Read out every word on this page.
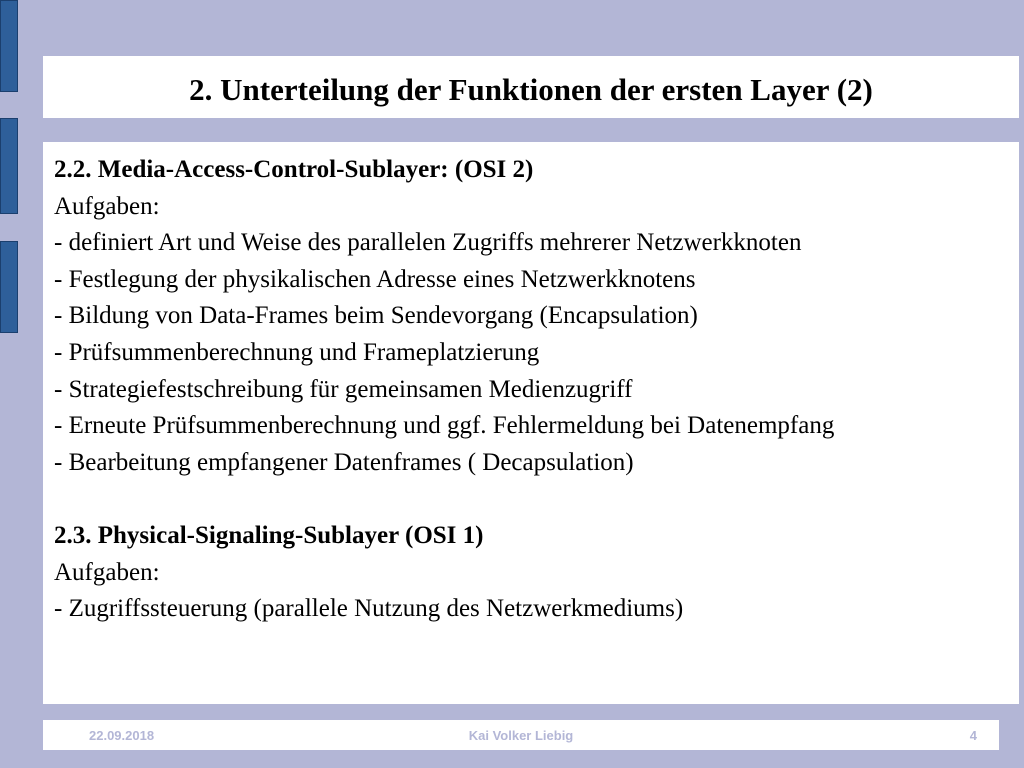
2. Unterteilung der Funktionen der ersten Layer (2)
2.2. Media-Access-Control-Sublayer: (OSI 2)
Aufgaben:
- definiert Art und Weise des parallelen Zugriffs mehrerer Netzwerkknoten
- Festlegung der physikalischen Adresse eines Netzwerkknotens
- Bildung von Data-Frames beim Sendevorgang (Encapsulation)
- Prüfsummenberechnung und Frameplatzierung
- Strategiefestschreibung für gemeinsamen Medienzugriff
- Erneute Prüfsummenberechnung und ggf. Fehlermeldung bei Datenempfang
- Bearbeitung empfangener Datenframes ( Decapsulation)
2.3. Physical-Signaling-Sublayer (OSI 1)
Aufgaben:
- Zugriffssteuerung (parallele Nutzung des Netzwerkmediums)
22.09.2018	Kai Volker Liebig	4
